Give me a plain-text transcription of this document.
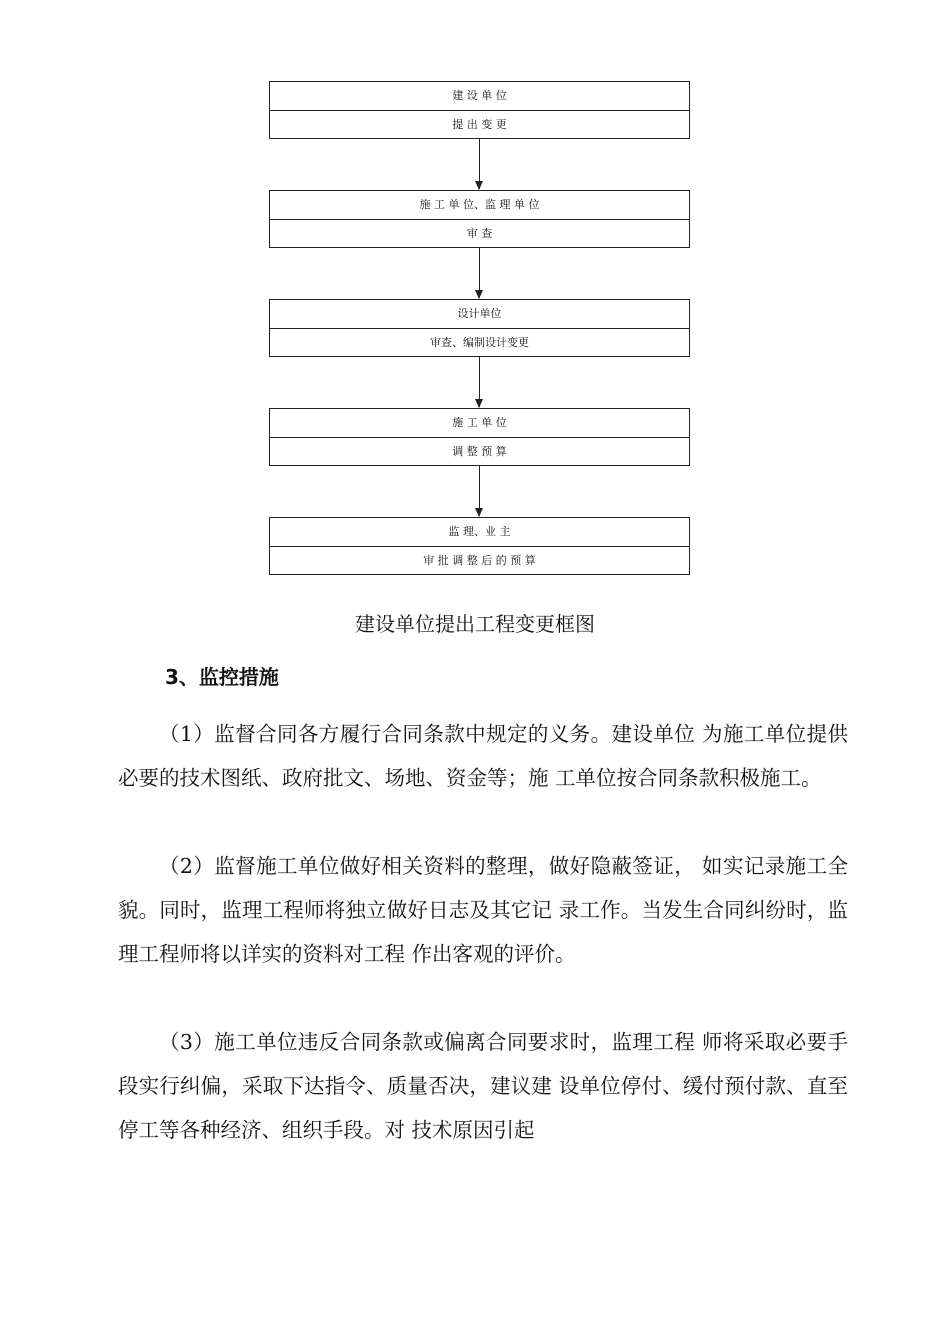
建 设 单 位
提 出 变 更
施 工 单 位、监 理 单 位
审 查
设计单位
审查、编制设计变更
施 工 单 位
调 整 预 算
监 理、业 主
审 批 调 整 后 的 预 算
建设单位提出工程变更框图
3、监控措施

（1）监督合同各方履行合同条款中规定的义务。建设单位 为施工单位提供必要的技术图纸、政府批文、场地、资金等；施 工单位按合同条款积极施工。

（2）监督施工单位做好相关资料的整理，做好隐蔽签证， 如实记录施工全貌。同时，监理工程师将独立做好日志及其它记 录工作。当发生合同纠纷时，监理工程师将以详实的资料对工程 作出客观的评价。

（3）施工单位违反合同条款或偏离合同要求时，监理工程 师将采取必要手段实行纠偏，采取下达指令、质量否决，建议建 设单位停付、缓付预付款、直至停工等各种经济、组织手段。对 技术原因引起
